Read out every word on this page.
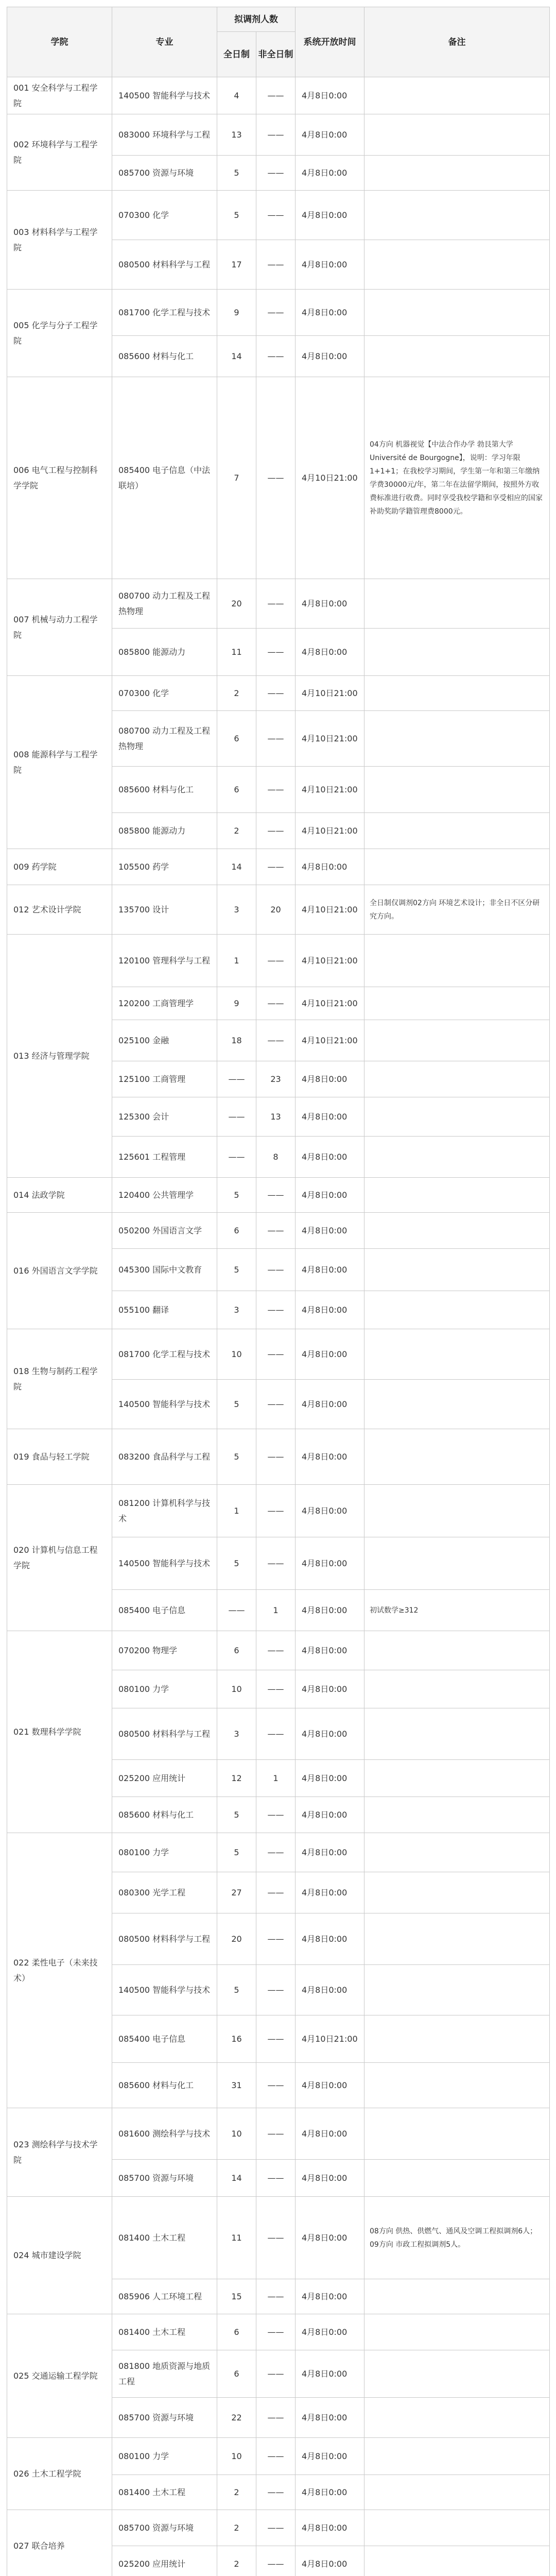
学院	专业	拟调剂人数		系统开放时间	备注
		全日制	非全日制		
001 安全科学与工程学院	140500 智能科学与技术	4	——	4月8日0:00	
002 环境科学与工程学院	083000 环境科学与工程	13	——	4月8日0:00	
	085700 资源与环境	5	——	4月8日0:00	
003 材料科学与工程学院	070300 化学	5	——	4月8日0:00	
	080500 材料科学与工程	17	——	4月8日0:00	
005 化学与分子工程学院	081700 化学工程与技术	9	——	4月8日0:00	
	085600 材料与化工	14	——	4月8日0:00	
006 电气工程与控制科学学院	085400 电子信息（中法联培）	7	——	4月10日21:00	04方向 机器视觉【中法合作办学 勃艮第大学 Université de Bourgogne】，说明：学习年限1+1+1；在我校学习期间，学生第一年和第三年缴纳学费30000元/年，第二年在法留学期间，按照外方收费标准进行收费。同时享受我校学籍和享受相应的国家补助奖助学籍管理费8000元。
007 机械与动力工程学院	080700 动力工程及工程热物理	20	——	4月8日0:00	
	085800 能源动力	11	——	4月8日0:00	
008 能源科学与工程学院	070300 化学	2	——	4月10日21:00	
	080700 动力工程及工程热物理	6	——	4月10日21:00	
	085600 材料与化工	6	——	4月10日21:00	
	085800 能源动力	2	——	4月10日21:00	
009 药学院	105500 药学	14	——	4月8日0:00	
012 艺术设计学院	135700 设计	3	20	4月10日21:00	全日制仅调剂02方向 环境艺术设计；非全日不区分研究方向。
013 经济与管理学院	120100 管理科学与工程	1	——	4月10日21:00	
	120200 工商管理学	9	——	4月10日21:00	
	025100 金融	18	——	4月10日21:00	
	125100 工商管理	——	23	4月8日0:00	
	125300 会计	——	13	4月8日0:00	
	125601 工程管理	——	8	4月8日0:00	
014 法政学院	120400 公共管理学	5	——	4月8日0:00	
016 外国语言文学学院	050200 外国语言文学	6	——	4月8日0:00	
	045300 国际中文教育	5	——	4月8日0:00	
	055100 翻译	3	——	4月8日0:00	
018 生物与制药工程学院	081700 化学工程与技术	10	——	4月8日0:00	
	140500 智能科学与技术	5	——	4月8日0:00	
019 食品与轻工学院	083200 食品科学与工程	5	——	4月8日0:00	
020 计算机与信息工程学院	081200 计算机科学与技术	1	——	4月8日0:00	
	140500 智能科学与技术	5	——	4月8日0:00	
	085400 电子信息	——	1	4月8日0:00	初试数学≥312
021 数理科学学院	070200 物理学	6	——	4月8日0:00	
	080100 力学	10	——	4月8日0:00	
	080500 材料科学与工程	3	——	4月8日0:00	
	025200 应用统计	12	1	4月8日0:00	
	085600 材料与化工	5	——	4月8日0:00	
022 柔性电子（未来技术）	080100 力学	5	——	4月8日0:00	
	080300 光学工程	27	——	4月8日0:00	
	080500 材料科学与工程	20	——	4月8日0:00	
	140500 智能科学与技术	5	——	4月8日0:00	
	085400 电子信息	16	——	4月10日21:00	
	085600 材料与化工	31	——	4月8日0:00	
023 测绘科学与技术学院	081600 测绘科学与技术	10	——	4月8日0:00	
	085700 资源与环境	14	——	4月8日0:00	
024 城市建设学院	081400 土木工程	11	——	4月8日0:00	08方向 供热、供燃气、通风及空调工程拟调剂6人；09方向 市政工程拟调剂5人。
	085906 人工环境工程	15	——	4月8日0:00	
025 交通运输工程学院	081400 土木工程	6	——	4月8日0:00	
	081800 地质资源与地质工程	6	——	4月8日0:00	
	085700 资源与环境	22	——	4月8日0:00	
026 土木工程学院	080100 力学	10	——	4月8日0:00	
	081400 土木工程	2	——	4月8日0:00	
027 联合培养	085700 资源与环境	2	——	4月8日0:00	
	025200 应用统计	2	——	4月8日0:00	
